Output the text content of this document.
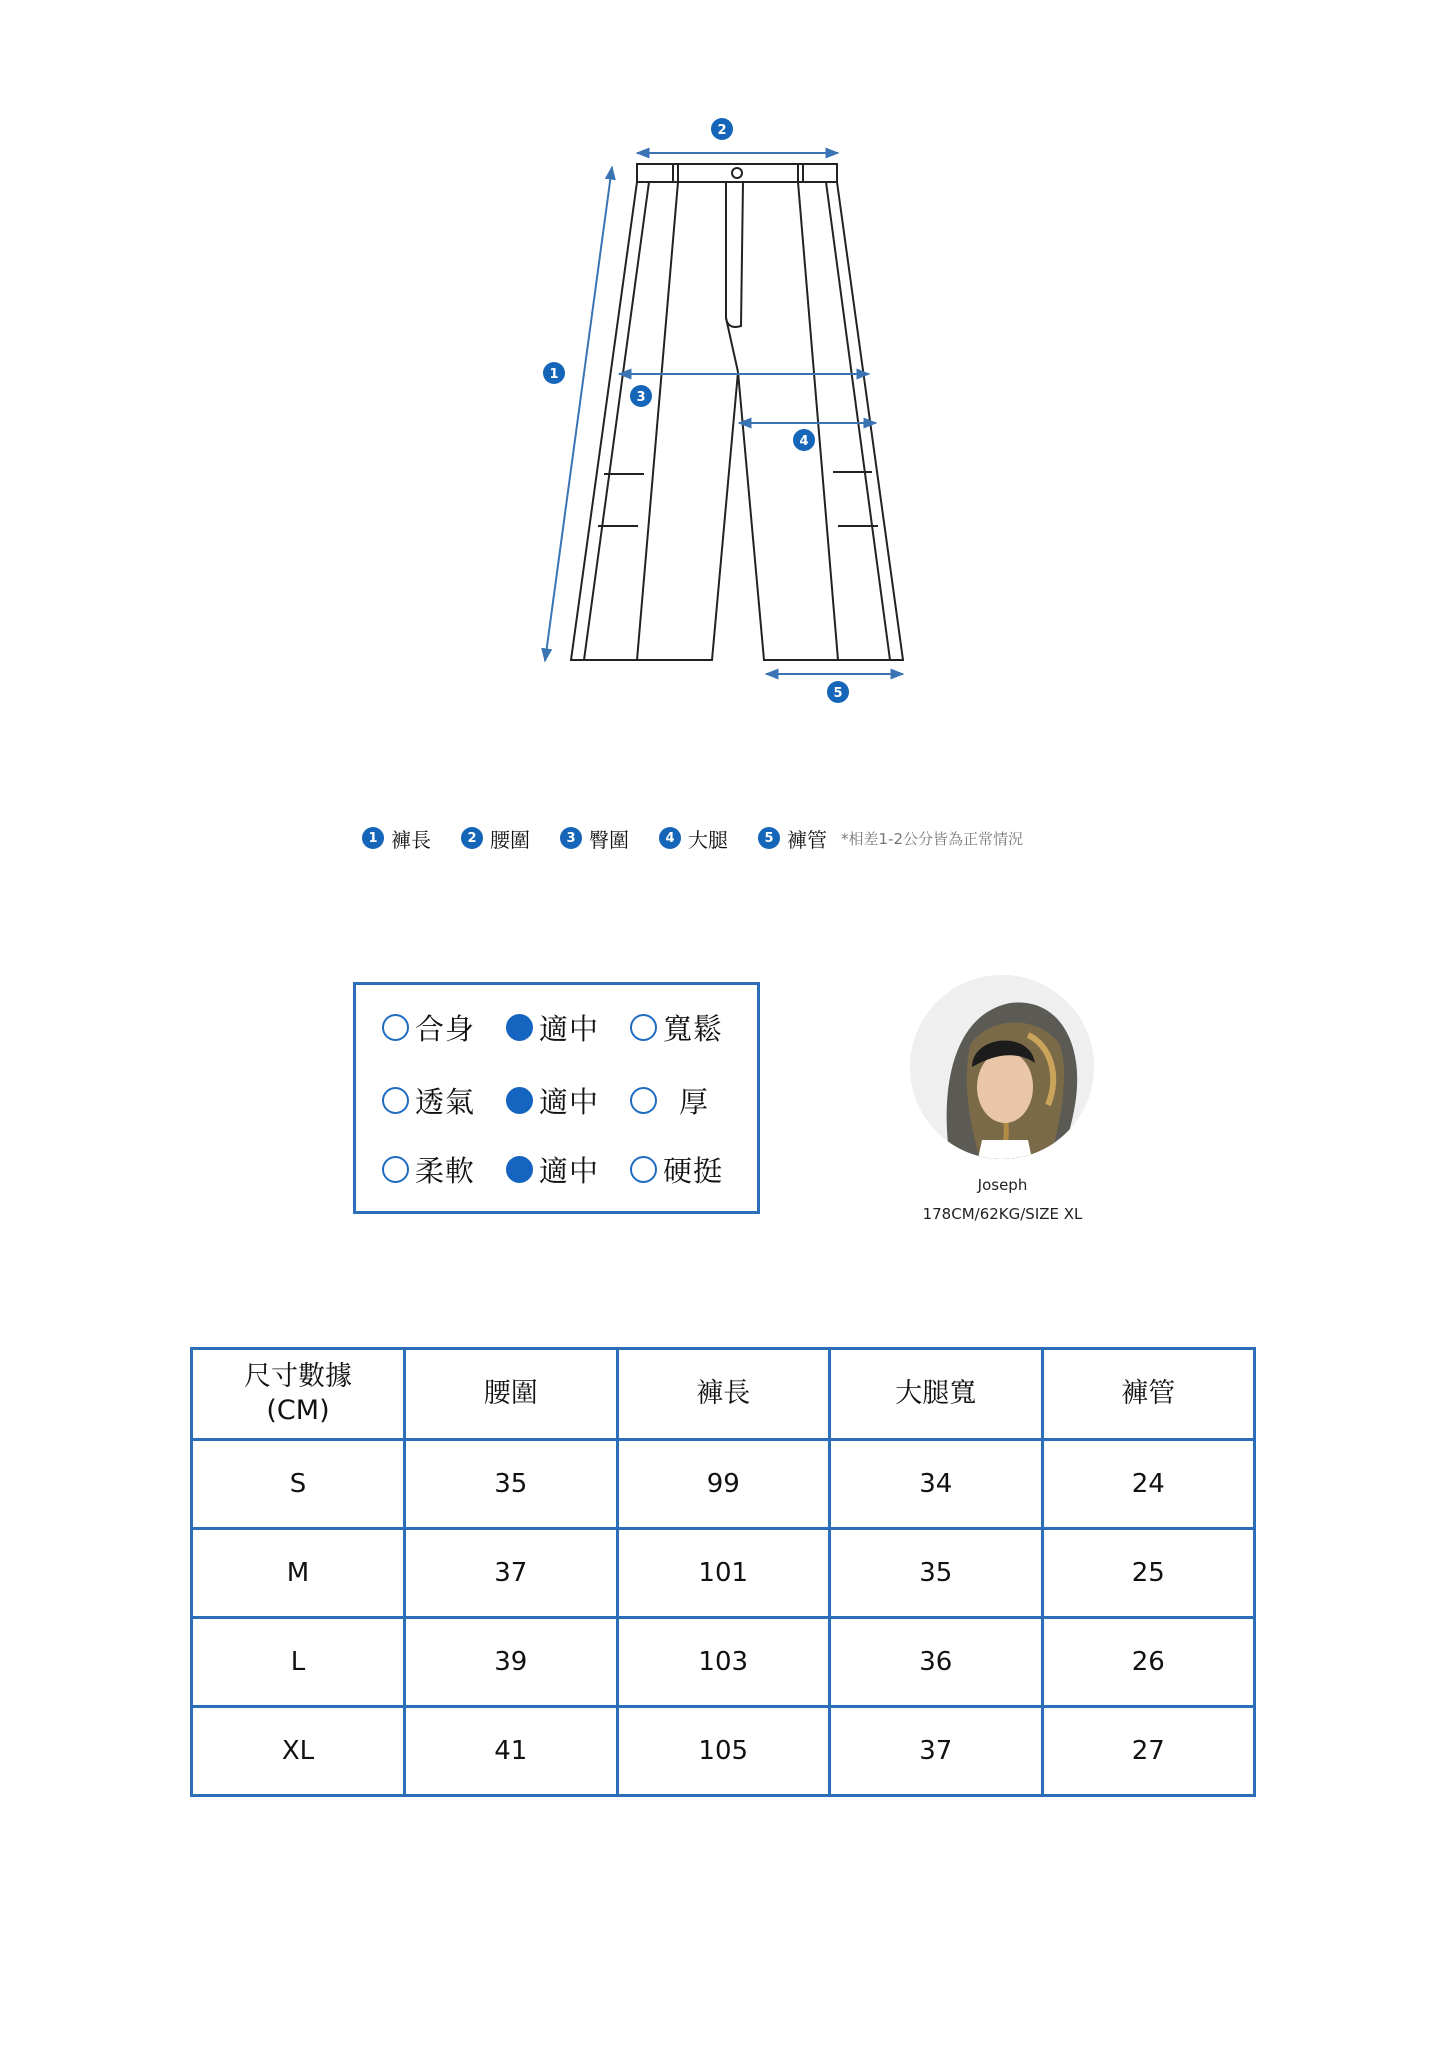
1
2
3
4
5
1 褲長	2 腰圍	3 臀圍	4 大腿	5 褲管 *相差1-2公分皆為正常情況
合身 適中 寬鬆
透氣 適中	厚
柔軟 適中 硬挺	Joseph
178CM/62KG/SIZE XL
尺寸數據
(CM)	腰圍	褲長	大腿寬	褲管
S	35	99	34	24
M	37	101	35	25
L	39	103	36	26
XL	41	105	37	27
